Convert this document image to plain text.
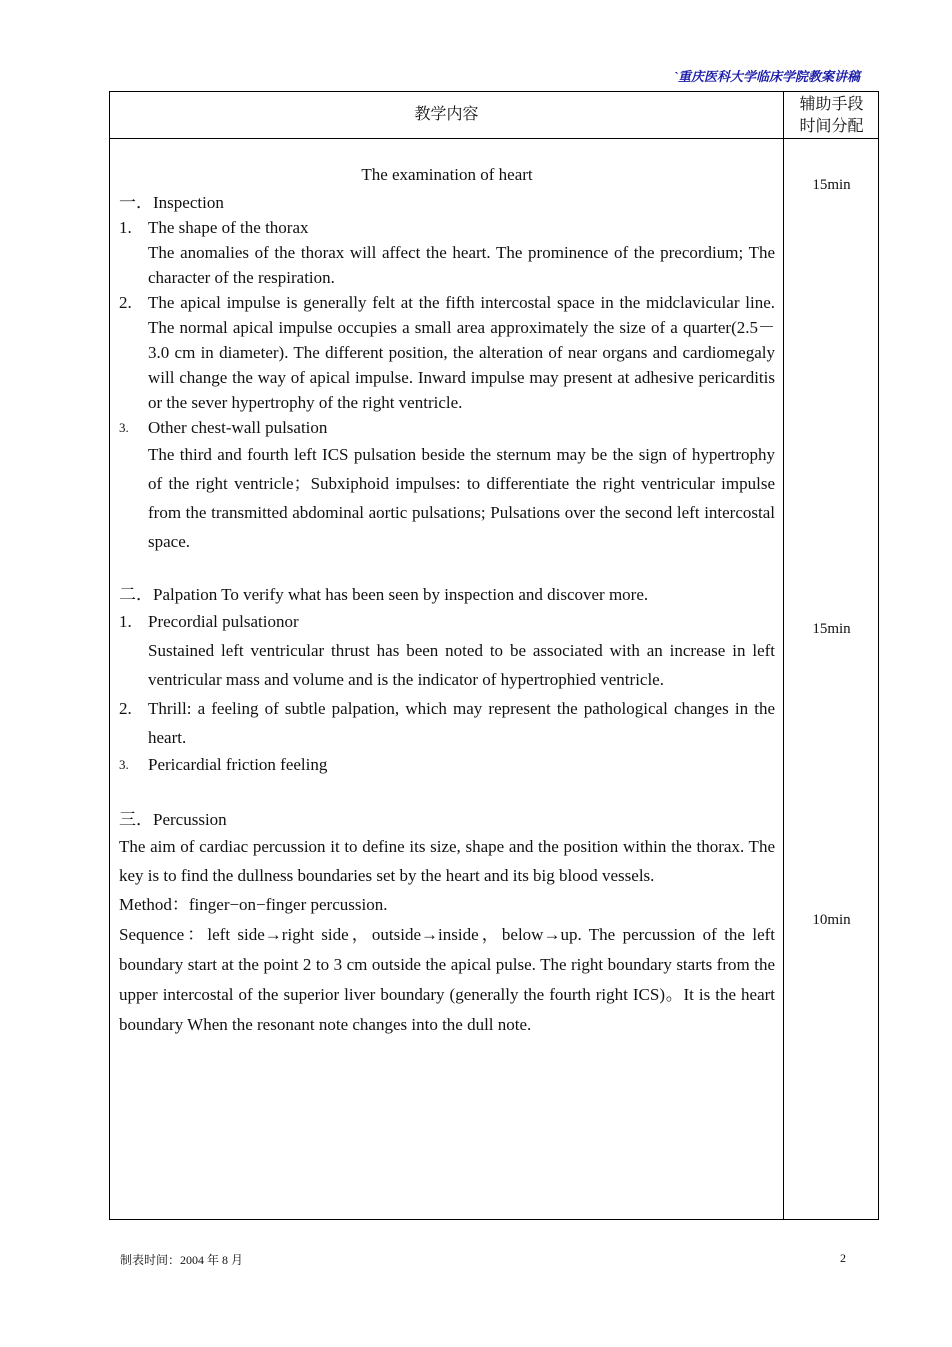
`重庆医科大学临床学院教案讲稿
教学内容
辅助手段
时间分配
15min
15min
10min
The examination of heart
一．Inspection
1. The shape of the thorax
The anomalies of the thorax will affect the heart. The prominence of the precordium; The character of the respiration.
2. The apical impulse is generally felt at the fifth intercostal space in the midclavicular line. The normal apical impulse occupies a small area approximately the size of a quarter(2.5－3.0 cm in diameter). The different position, the alteration of near organs and cardiomegaly will change the way of apical impulse. Inward impulse may present at adhesive pericarditis or the sever hypertrophy of the right ventricle.
3. Other chest-wall pulsation
The third and fourth left ICS pulsation beside the sternum may be the sign of hypertrophy of the right ventricle；Subxiphoid impulses: to differentiate the right ventricular impulse from the transmitted abdominal aortic pulsations; Pulsations over the second left intercostal space.
二．Palpation To verify what has been seen by inspection and discover more.
1. Precordial pulsationor
Sustained left ventricular thrust has been noted to be associated with an increase in left ventricular mass and volume and is the indicator of hypertrophied ventricle.
2. Thrill: a feeling of subtle palpation, which may represent the pathological changes in the heart.
3. Pericardial friction feeling
三．Percussion
The aim of cardiac percussion it to define its size, shape and the position within the thorax. The key is to find the dullness boundaries set by the heart and its big blood vessels.
Method：finger−on−finger percussion.
Sequence：left side→right side，outside→inside，below→up. The percussion of the left boundary start at the point 2 to 3 cm outside the apical pulse. The right boundary starts from the upper intercostal of the superior liver boundary (generally the fourth right ICS)。It is the heart boundary When the resonant note changes into the dull note.
制表时间：2004 年 8 月	2
